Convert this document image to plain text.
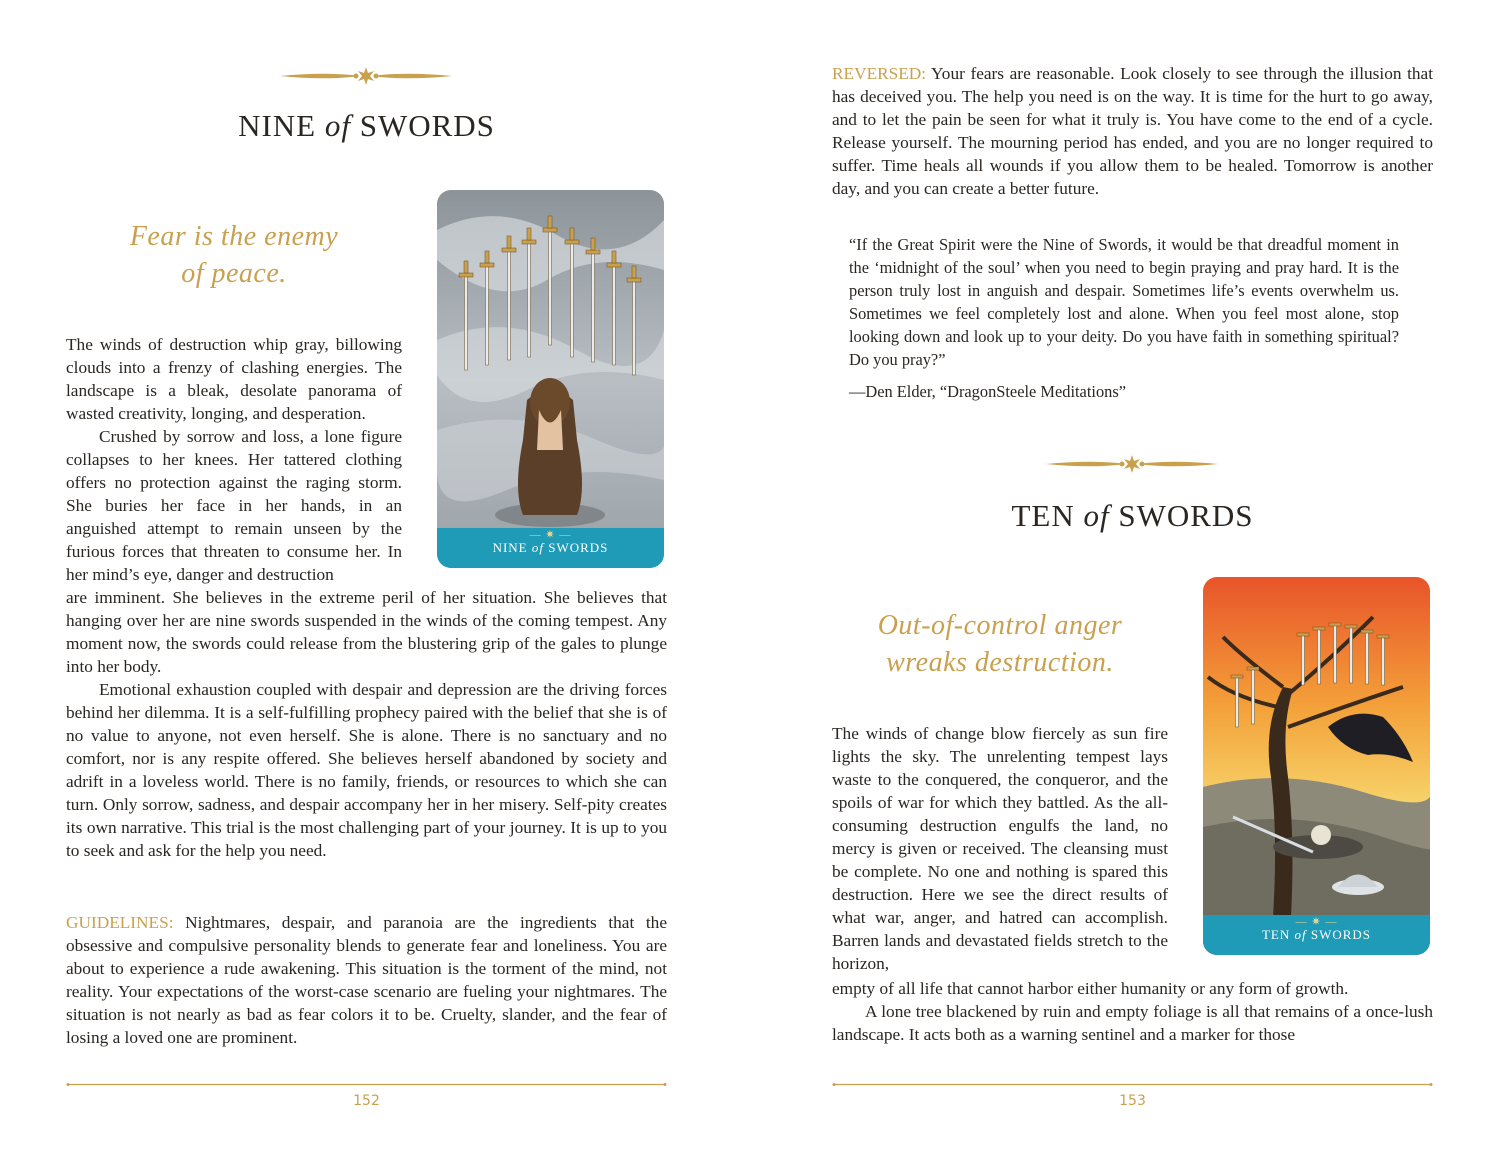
NINE of SWORDS
Fear is the enemy
of peace.
— ✷ —
NINE of SWORDS

The winds of destruction whip gray, billowing clouds into a frenzy of clashing energies. The landscape is a bleak, desolate panorama of wasted creativity, longing, and desperation.

Crushed by sorrow and loss, a lone figure collapses to her knees. Her tattered clothing offers no protection against the raging storm. She buries her face in her hands, in an anguished attempt to remain unseen by the furious forces that threaten to consume her. In her mind’s eye, danger and destruction

are imminent. She believes in the extreme peril of her situation. She believes that hanging over her are nine swords suspended in the winds of the coming tempest. Any moment now, the swords could release from the blustering grip of the gales to plunge into her body.

Emotional exhaustion coupled with despair and depression are the driving forces behind her dilemma. It is a self-fulfilling prophecy paired with the belief that she is of no value to anyone, not even herself. She is alone. There is no sanctuary and no comfort, nor is any respite offered. She believes herself abandoned by society and adrift in a loveless world. There is no family, friends, or resources to which she can turn. Only sorrow, sadness, and despair accompany her in her misery. Self-pity creates its own narrative. This trial is the most challenging part of your journey. It is up to you to seek and ask for the help you need.

GUIDELINES: Nightmares, despair, and paranoia are the ingredients that the obsessive and compulsive personality blends to generate fear and loneliness. You are about to experience a rude awakening. This situation is the torment of the mind, not reality. Your expectations of the worst-case scenario are fueling your nightmares. The situation is not nearly as bad as fear colors it to be. Cruelty, slander, and the fear of losing a loved one are prominent.

152

REVERSED: Your fears are reasonable. Look closely to see through the illusion that has deceived you. The help you need is on the way. It is time for the hurt to go away, and to let the pain be seen for what it truly is. You have come to the end of a cycle. Release yourself. The mourning period has ended, and you are no longer required to suffer. Time heals all wounds if you allow them to be healed. Tomorrow is another day, and you can create a better future.

“If the Great Spirit were the Nine of Swords, it would be that dreadful moment in the ‘midnight of the soul’ when you need to begin praying and pray hard. It is the person truly lost in anguish and despair. Sometimes life’s events overwhelm us. Sometimes we feel completely lost and alone. When you feel most alone, stop looking down and look up to your deity. Do you have faith in something spiritual? Do you pray?”
—Den Elder, “DragonSteele Meditations”
TEN of SWORDS
Out-of-control anger
wreaks destruction.
— ✷ —
TEN of SWORDS

The winds of change blow fiercely as sun fire lights the sky. The unrelenting tempest lays waste to the conquered, the conqueror, and the spoils of war for which they battled. As the all-consuming destruction engulfs the land, no mercy is given or received. The cleansing must be complete. No one and nothing is spared this destruction. Here we see the direct results of what war, anger, and hatred can accomplish. Barren lands and devastated fields stretch to the horizon,

empty of all life that cannot harbor either humanity or any form of growth.

A lone tree blackened by ruin and empty foliage is all that remains of a once-lush landscape. It acts both as a warning sentinel and a marker for those

153
